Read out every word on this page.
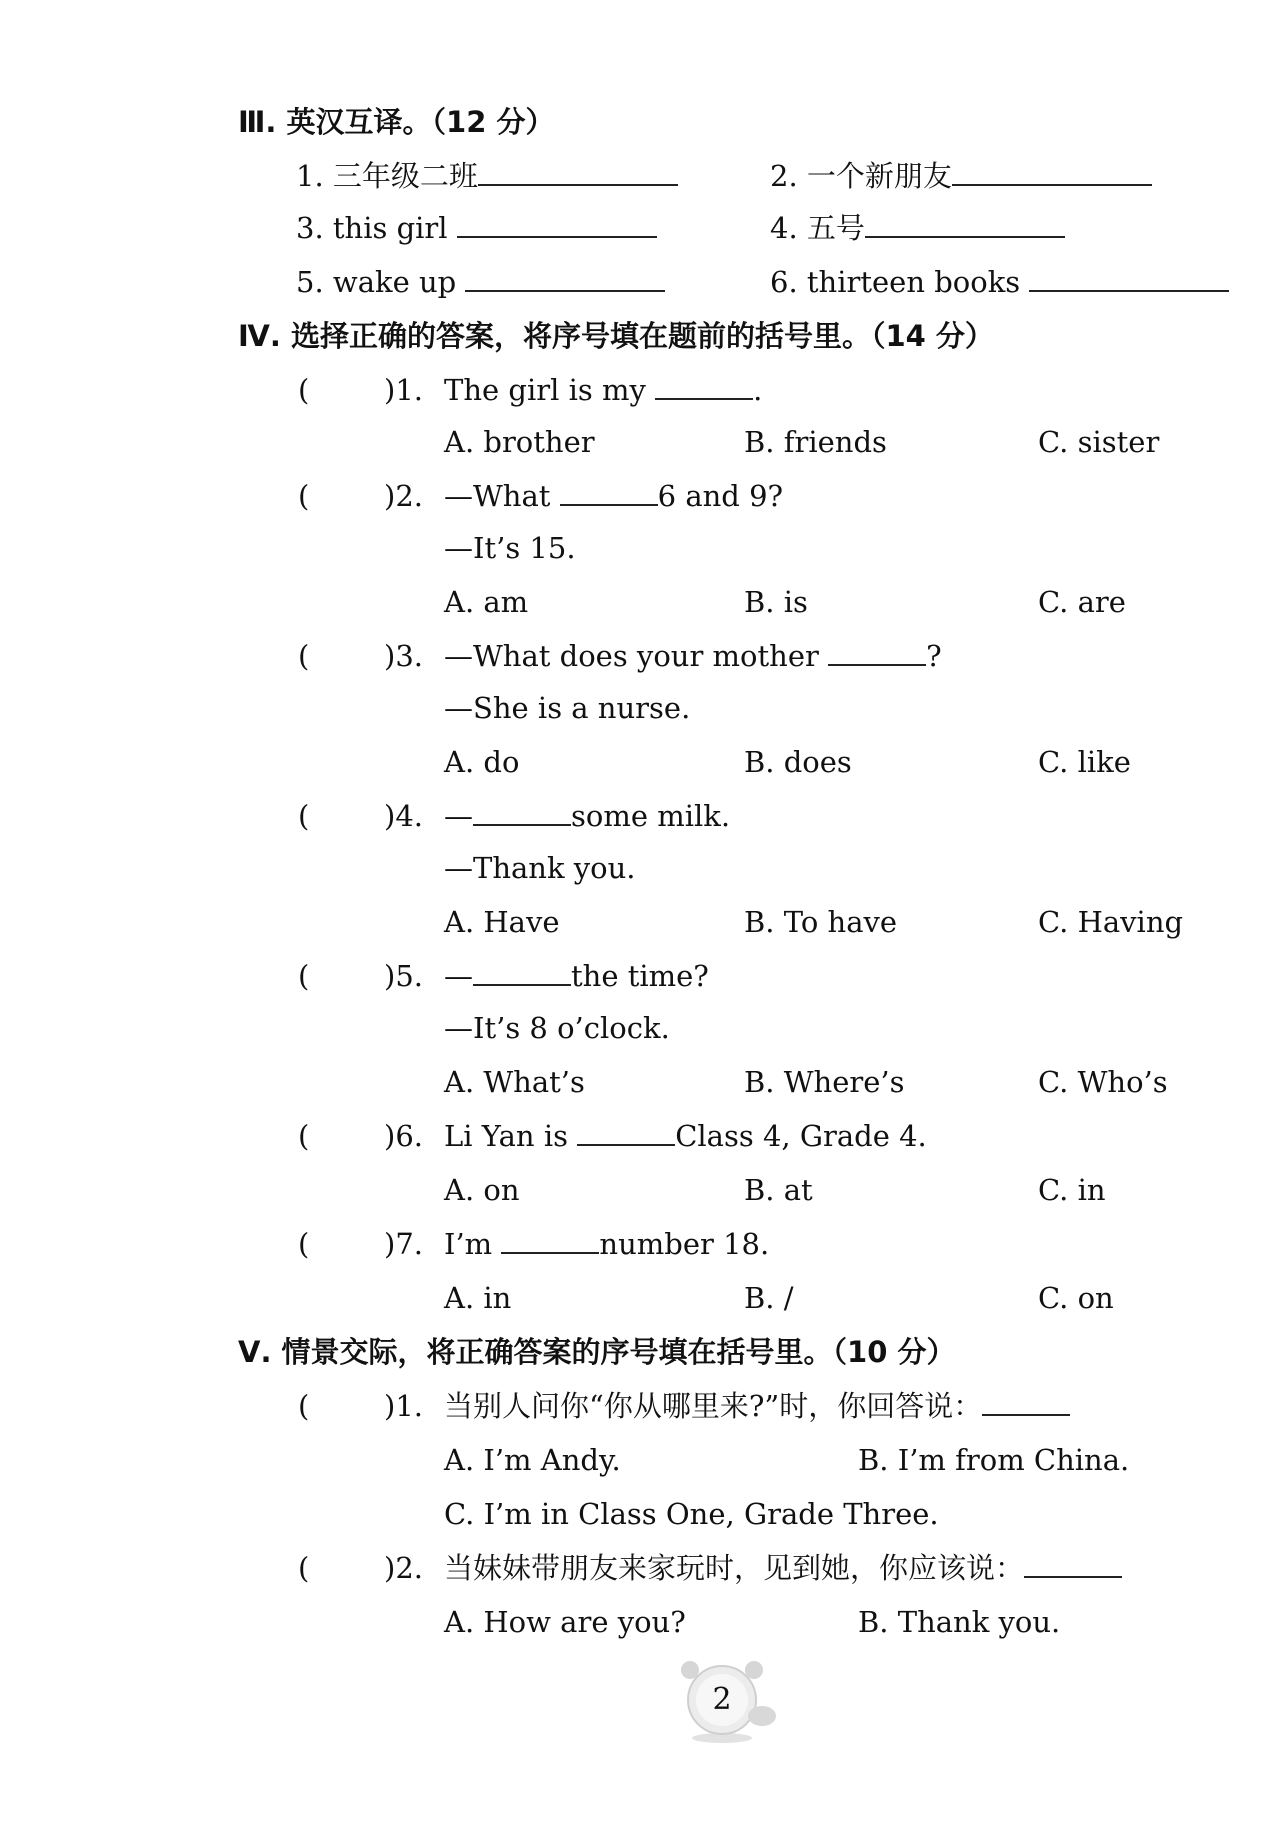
Ⅲ. 英汉互译。（12 分）
1. 三年级二班	2. 一个新朋友
3. this girl	4. 五号
5. wake up	6. thirteen books
Ⅳ. 选择正确的答案，将序号填在题前的括号里。（14 分）
(	)1. The girl is my	.
A. brother	B. friends	C. sister
(	)2. —What	6 and 9?
—It’s 15.
A. am	B. is	C. are
(	)3. —What does your mother	?
—She is a nurse.
A. do	B. does	C. like
(	)4. —	some milk.
—Thank you.
A. Have	B. To have	C. Having
(	)5. —	the time?
—It’s 8 o’clock.
A. What’s	B. Where’s	C. Who’s
(	)6. Li Yan is	Class 4, Grade 4.
A. on	B. at	C. in
(	)7. I’m	number 18.
A. in	B. /	C. on
Ⅴ. 情景交际，将正确答案的序号填在括号里。（10 分）
(	)1. 当别人问你“你从哪里来?”时，你回答说：
A. I’m Andy.	B. I’m from China.
C. I’m in Class One, Grade Three.
(	)2. 当妹妹带朋友来家玩时，见到她，你应该说：
A. How are you?	B. Thank you.
2
